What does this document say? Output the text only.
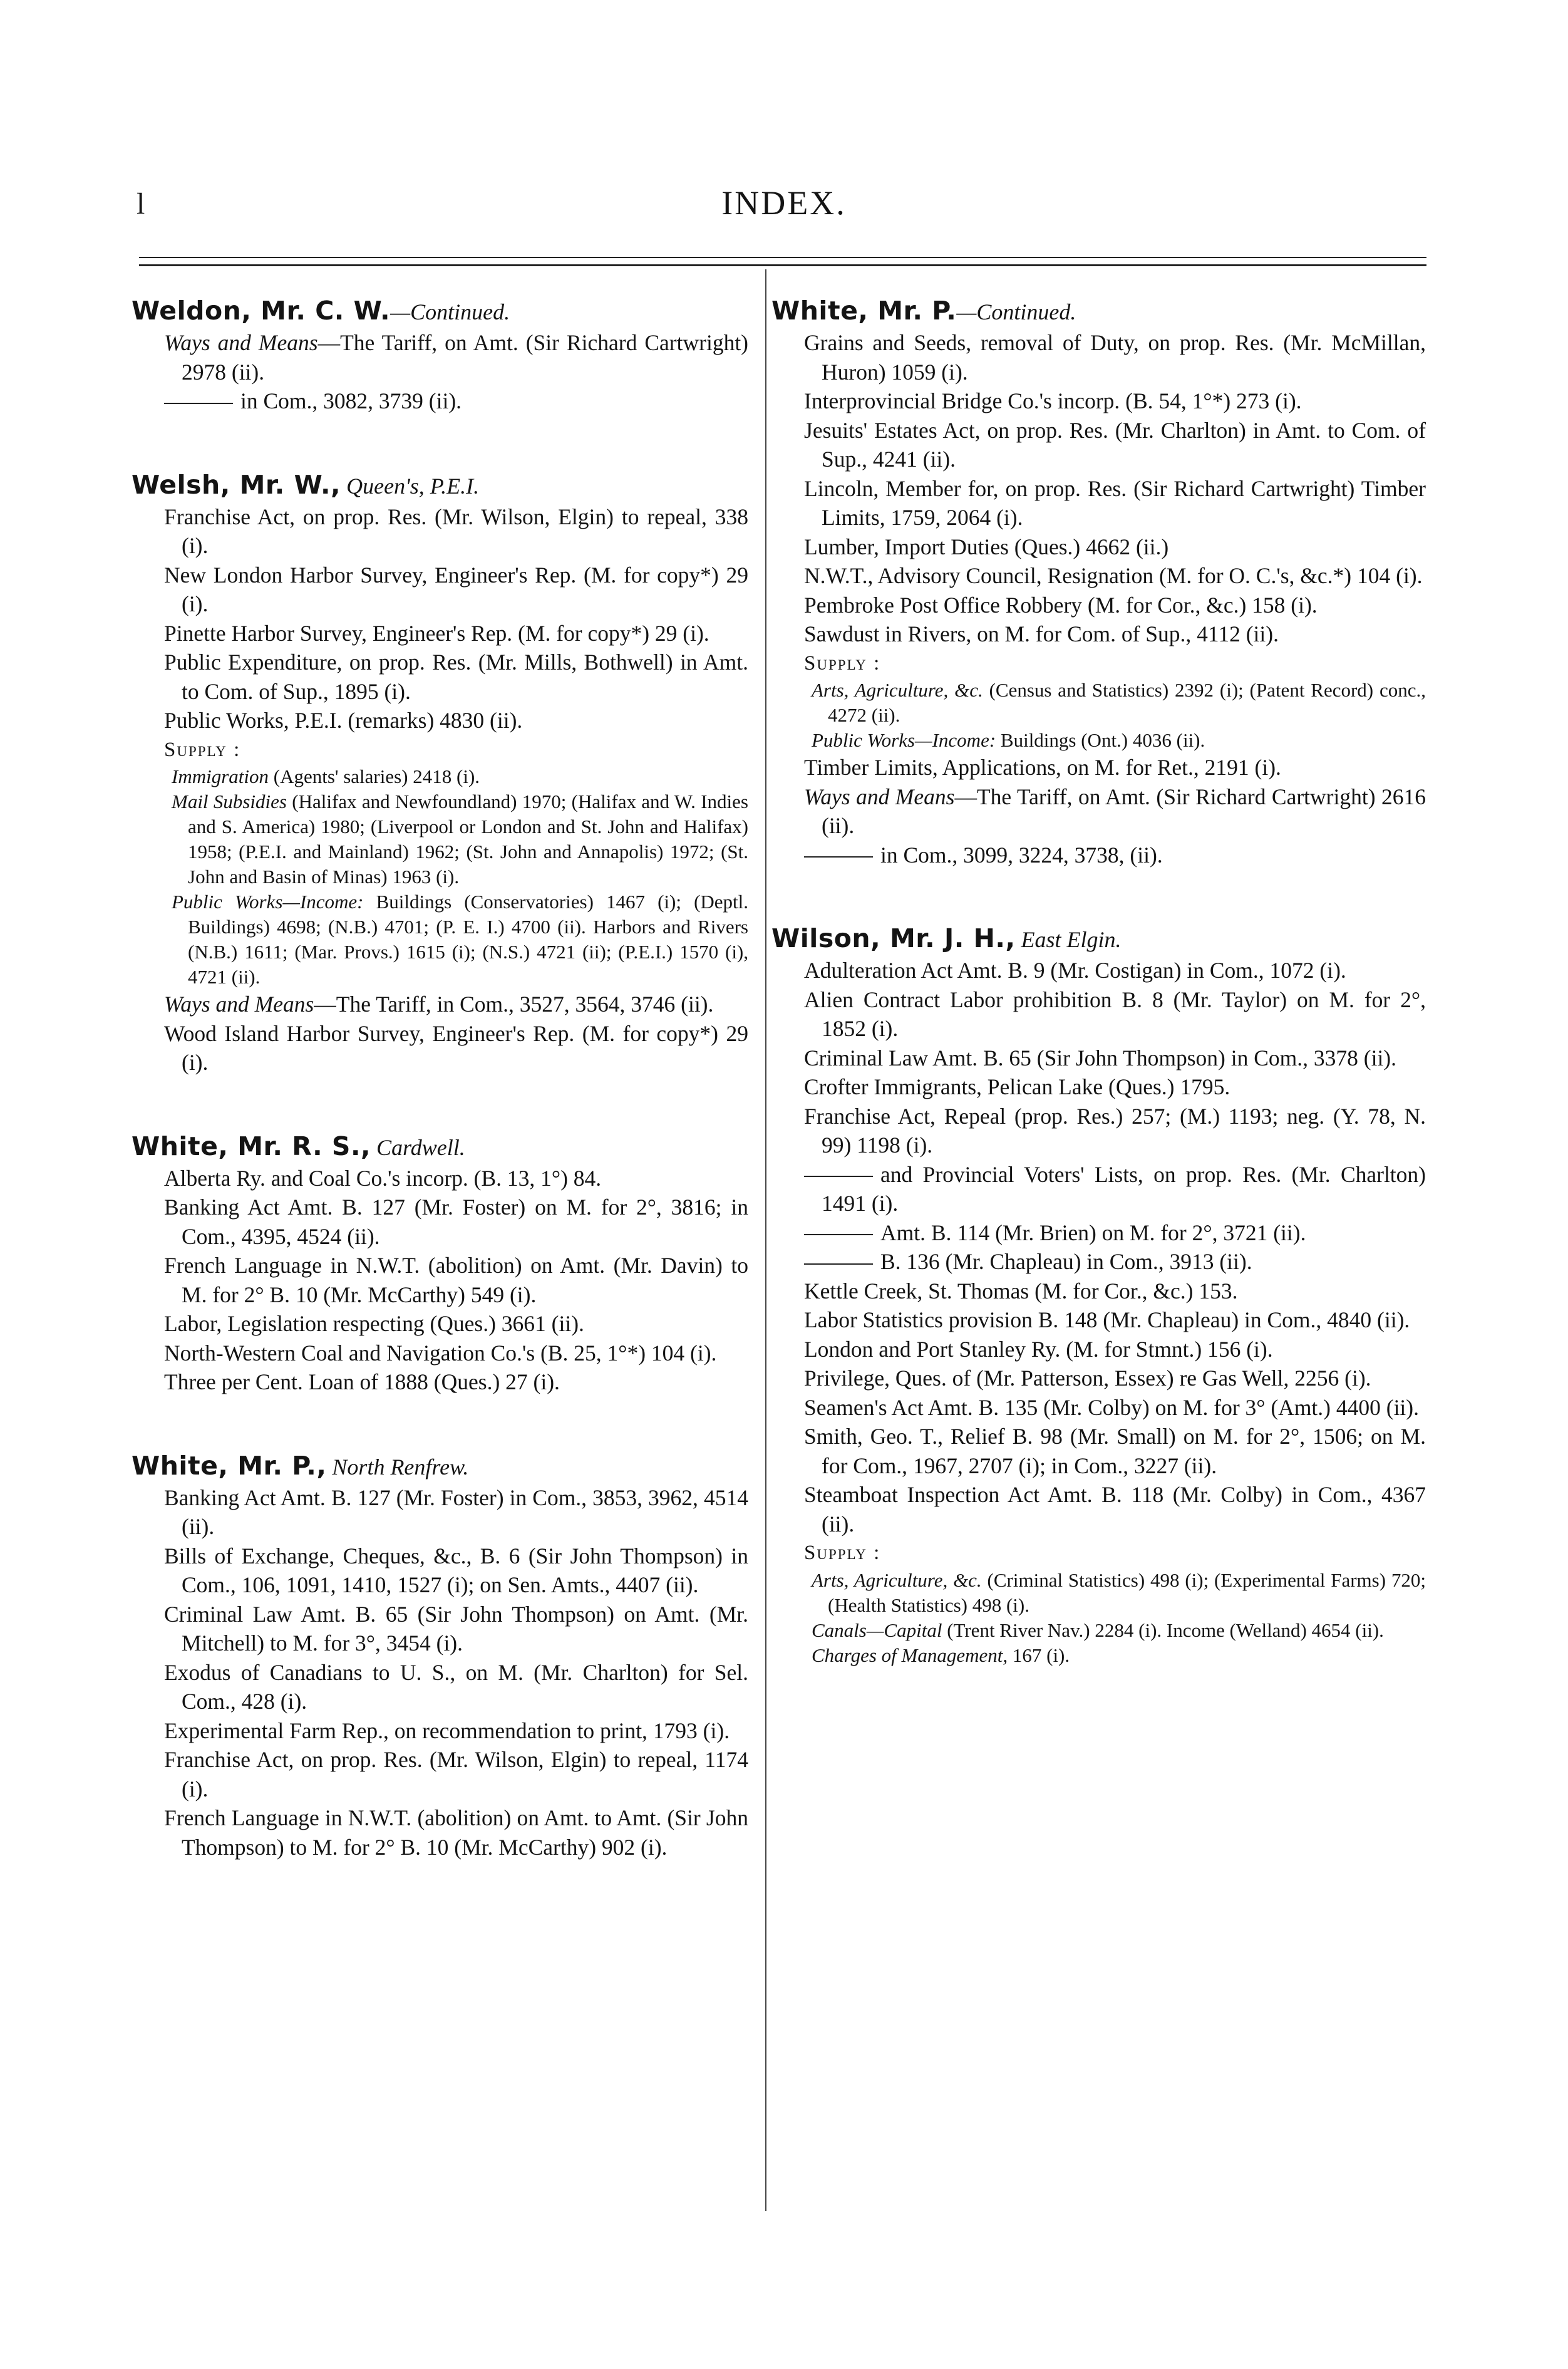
l	INDEX.
Weldon, Mr. C. W.—Continued.
Ways and Means—The Tariff, on Amt. (Sir Richard Cartwright) 2978 (ii).
in Com., 3082, 3739 (ii).
Welsh, Mr. W., Queen's, P.E.I.
Franchise Act, on prop. Res. (Mr. Wilson, Elgin) to repeal, 338 (i).
New London Harbor Survey, Engineer's Rep. (M. for copy*) 29 (i).
Pinette Harbor Survey, Engineer's Rep. (M. for copy*) 29 (i).
Public Expenditure, on prop. Res. (Mr. Mills, Bothwell) in Amt. to Com. of Sup., 1895 (i).
Public Works, P.E.I. (remarks) 4830 (ii).
Supply :
Immigration (Agents' salaries) 2418 (i).
Mail Subsidies (Halifax and Newfoundland) 1970; (Halifax and W. Indies and S. America) 1980; (Liverpool or London and St. John and Halifax) 1958; (P.E.I. and Mainland) 1962; (St. John and Annapolis) 1972; (St. John and Basin of Minas) 1963 (i).
Public Works—Income: Buildings (Conservatories) 1467 (i); (Deptl. Buildings) 4698; (N.B.) 4701; (P. E. I.) 4700 (ii). Harbors and Rivers (N.B.) 1611; (Mar. Provs.) 1615 (i); (N.S.) 4721 (ii); (P.E.I.) 1570 (i), 4721 (ii).
Ways and Means—The Tariff, in Com., 3527, 3564, 3746 (ii).
Wood Island Harbor Survey, Engineer's Rep. (M. for copy*) 29 (i).
White, Mr. R. S., Cardwell.
Alberta Ry. and Coal Co.'s incorp. (B. 13, 1°) 84.
Banking Act Amt. B. 127 (Mr. Foster) on M. for 2°, 3816; in Com., 4395, 4524 (ii).
French Language in N.W.T. (abolition) on Amt. (Mr. Davin) to M. for 2° B. 10 (Mr. McCarthy) 549 (i).
Labor, Legislation respecting (Ques.) 3661 (ii).
North-Western Coal and Navigation Co.'s (B. 25, 1°*) 104 (i).
Three per Cent. Loan of 1888 (Ques.) 27 (i).
White, Mr. P., North Renfrew.
Banking Act Amt. B. 127 (Mr. Foster) in Com., 3853, 3962, 4514 (ii).
Bills of Exchange, Cheques, &c., B. 6 (Sir John Thompson) in Com., 106, 1091, 1410, 1527 (i); on Sen. Amts., 4407 (ii).
Criminal Law Amt. B. 65 (Sir John Thompson) on Amt. (Mr. Mitchell) to M. for 3°, 3454 (i).
Exodus of Canadians to U. S., on M. (Mr. Charlton) for Sel. Com., 428 (i).
Experimental Farm Rep., on recommendation to print, 1793 (i).
Franchise Act, on prop. Res. (Mr. Wilson, Elgin) to repeal, 1174 (i).
French Language in N.W.T. (abolition) on Amt. to Amt. (Sir John Thompson) to M. for 2° B. 10 (Mr. McCarthy) 902 (i).
White, Mr. P.—Continued.
Grains and Seeds, removal of Duty, on prop. Res. (Mr. McMillan, Huron) 1059 (i).
Interprovincial Bridge Co.'s incorp. (B. 54, 1°*) 273 (i).
Jesuits' Estates Act, on prop. Res. (Mr. Charlton) in Amt. to Com. of Sup., 4241 (ii).
Lincoln, Member for, on prop. Res. (Sir Richard Cartwright) Timber Limits, 1759, 2064 (i).
Lumber, Import Duties (Ques.) 4662 (ii.)
N.W.T., Advisory Council, Resignation (M. for O. C.'s, &c.*) 104 (i).
Pembroke Post Office Robbery (M. for Cor., &c.) 158 (i).
Sawdust in Rivers, on M. for Com. of Sup., 4112 (ii).
Supply :
Arts, Agriculture, &c. (Census and Statistics) 2392 (i); (Patent Record) conc., 4272 (ii).
Public Works—Income: Buildings (Ont.) 4036 (ii).
Timber Limits, Applications, on M. for Ret., 2191 (i).
Ways and Means—The Tariff, on Amt. (Sir Richard Cartwright) 2616 (ii).
in Com., 3099, 3224, 3738, (ii).
Wilson, Mr. J. H., East Elgin.
Adulteration Act Amt. B. 9 (Mr. Costigan) in Com., 1072 (i).
Alien Contract Labor prohibition B. 8 (Mr. Taylor) on M. for 2°, 1852 (i).
Criminal Law Amt. B. 65 (Sir John Thompson) in Com., 3378 (ii).
Crofter Immigrants, Pelican Lake (Ques.) 1795.
Franchise Act, Repeal (prop. Res.) 257; (M.) 1193; neg. (Y. 78, N. 99) 1198 (i).
and Provincial Voters' Lists, on prop. Res. (Mr. Charlton) 1491 (i).
Amt. B. 114 (Mr. Brien) on M. for 2°, 3721 (ii).
B. 136 (Mr. Chapleau) in Com., 3913 (ii).
Kettle Creek, St. Thomas (M. for Cor., &c.) 153.
Labor Statistics provision B. 148 (Mr. Chapleau) in Com., 4840 (ii).
London and Port Stanley Ry. (M. for Stmnt.) 156 (i).
Privilege, Ques. of (Mr. Patterson, Essex) re Gas Well, 2256 (i).
Seamen's Act Amt. B. 135 (Mr. Colby) on M. for 3° (Amt.) 4400 (ii).
Smith, Geo. T., Relief B. 98 (Mr. Small) on M. for 2°, 1506; on M. for Com., 1967, 2707 (i); in Com., 3227 (ii).
Steamboat Inspection Act Amt. B. 118 (Mr. Colby) in Com., 4367 (ii).
Supply :
Arts, Agriculture, &c. (Criminal Statistics) 498 (i); (Experimental Farms) 720; (Health Statistics) 498 (i).
Canals—Capital (Trent River Nav.) 2284 (i). Income (Welland) 4654 (ii).
Charges of Management, 167 (i).
